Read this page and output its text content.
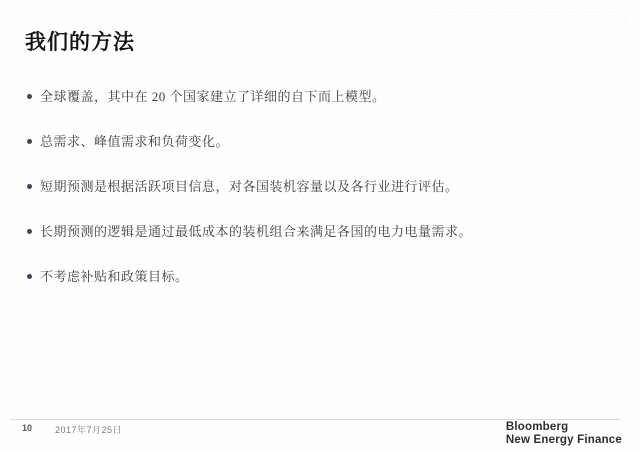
我们的方法
全球覆盖，其中在 20 个国家建立了详细的自下而上模型。
总需求、峰值需求和负荷变化。
短期预测是根据活跃项目信息，对各国装机容量以及各行业进行评估。
长期预测的逻辑是通过最低成本的装机组合来满足各国的电力电量需求。
不考虑补贴和政策目标。
10	2017年7月25日	Bloomberg
New Energy Finance
